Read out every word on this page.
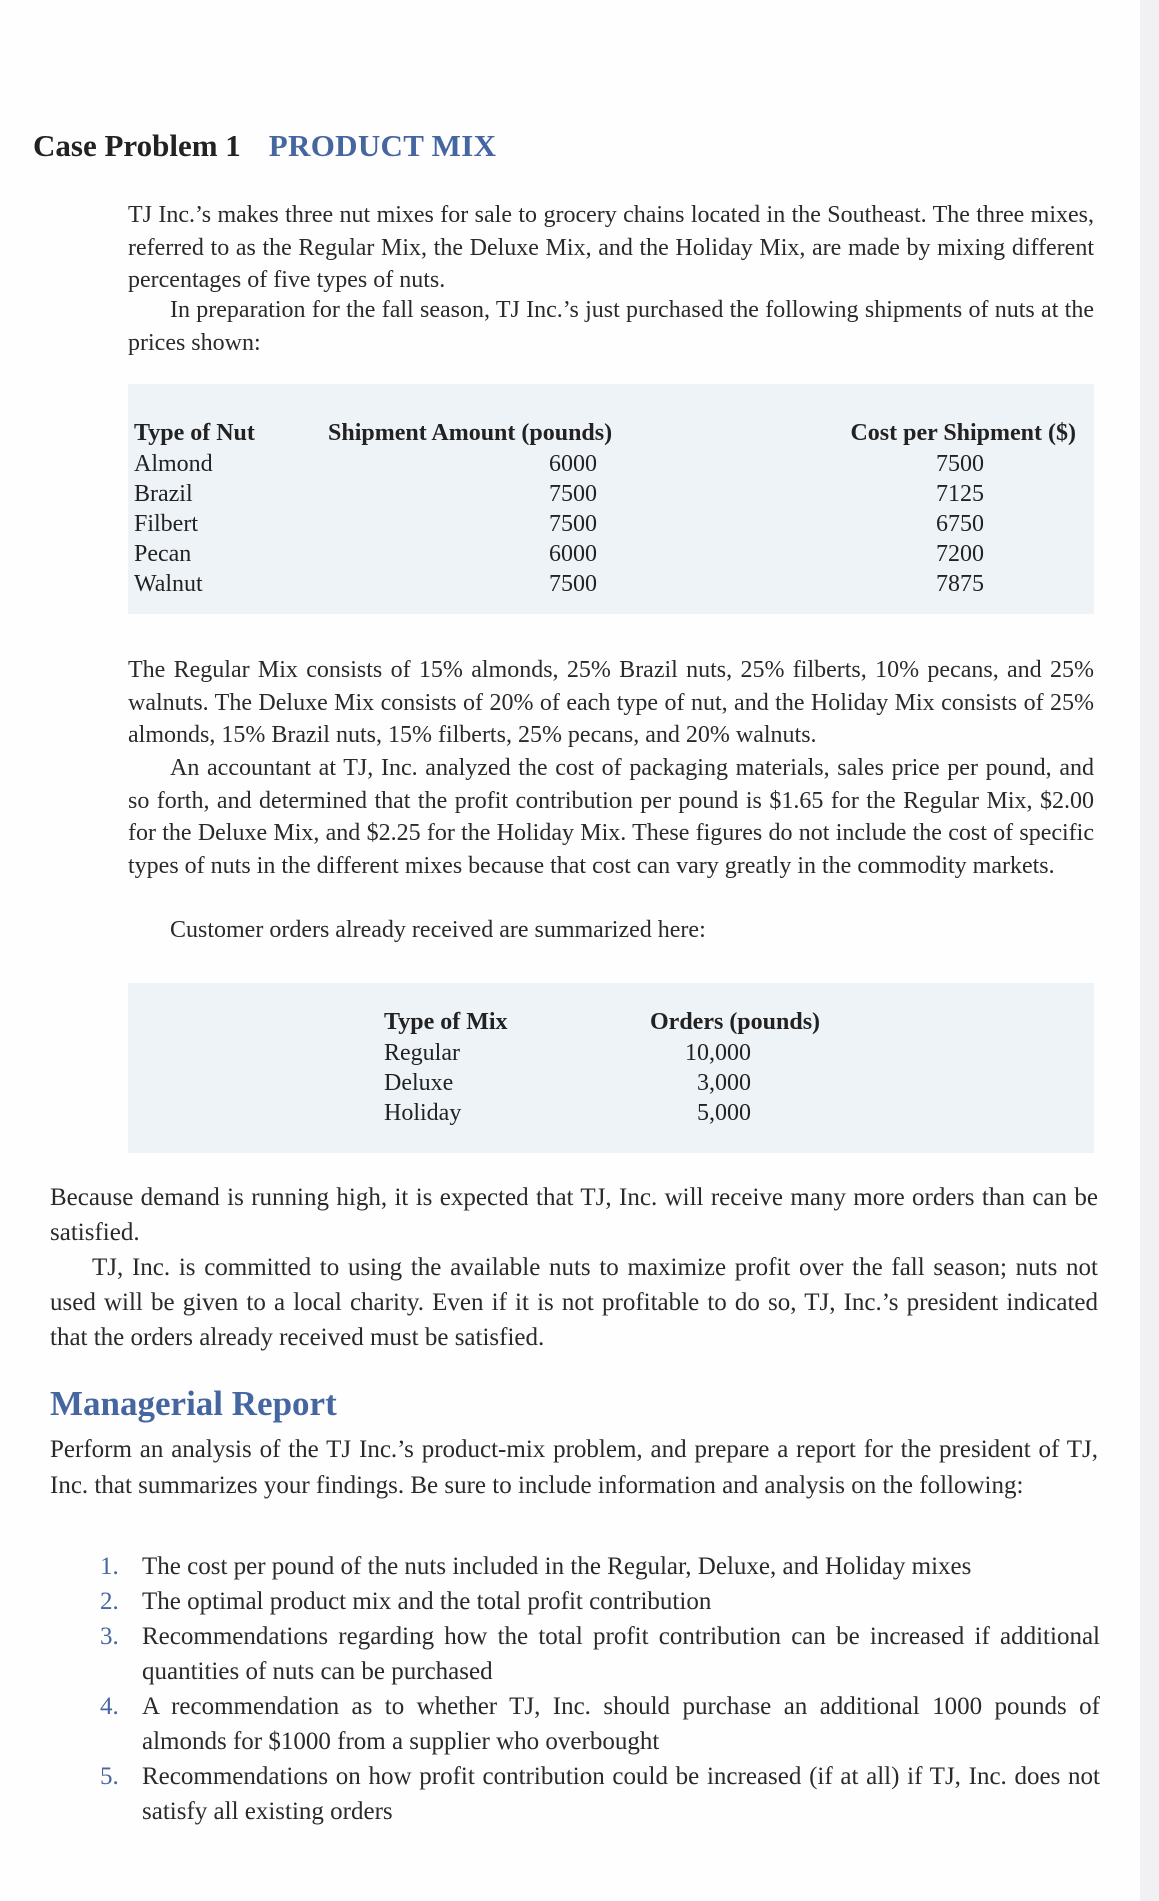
Case Problem 1 PRODUCT MIX
TJ Inc.’s makes three nut mixes for sale to grocery chains located in the Southeast. The three mixes, referred to as the Regular Mix, the Deluxe Mix, and the Holiday Mix, are made by mixing different percentages of five types of nuts.
In preparation for the fall season, TJ Inc.’s just purchased the following shipments of nuts at the prices shown:
Type of Nut	Shipment Amount (pounds)	Cost per Shipment ($)
Almond	6000	7500
Brazil	7500	7125
Filbert	7500	6750
Pecan	6000	7200
Walnut	7500	7875
The Regular Mix consists of 15% almonds, 25% Brazil nuts, 25% filberts, 10% pecans, and 25% walnuts. The Deluxe Mix consists of 20% of each type of nut, and the Holiday Mix consists of 25% almonds, 15% Brazil nuts, 15% filberts, 25% pecans, and 20% walnuts.
An accountant at TJ, Inc. analyzed the cost of packaging materials, sales price per pound, and so forth, and determined that the profit contribution per pound is $1.65 for the Regular Mix, $2.00 for the Deluxe Mix, and $2.25 for the Holiday Mix. These figures do not include the cost of specific types of nuts in the different mixes because that cost can vary greatly in the commodity markets.
Customer orders already received are summarized here:
Type of Mix	Orders (pounds)
Regular	10,000
Deluxe	3,000
Holiday	5,000
Because demand is running high, it is expected that TJ, Inc. will receive many more orders than can be satisfied.
TJ, Inc. is committed to using the available nuts to maximize profit over the fall season; nuts not used will be given to a local charity. Even if it is not profitable to do so, TJ, Inc.’s president indicated that the orders already received must be satisfied.
Managerial Report
Perform an analysis of the TJ Inc.’s product-mix problem, and prepare a report for the president of TJ, Inc. that summarizes your findings. Be sure to include information and analysis on the following:
1. The cost per pound of the nuts included in the Regular, Deluxe, and Holiday mixes
2. The optimal product mix and the total profit contribution
3. Recommendations regarding how the total profit contribution can be increased if additional quantities of nuts can be purchased
4. A recommendation as to whether TJ, Inc. should purchase an additional 1000 pounds of almonds for $1000 from a supplier who overbought
5. Recommendations on how profit contribution could be increased (if at all) if TJ, Inc. does not satisfy all existing orders
